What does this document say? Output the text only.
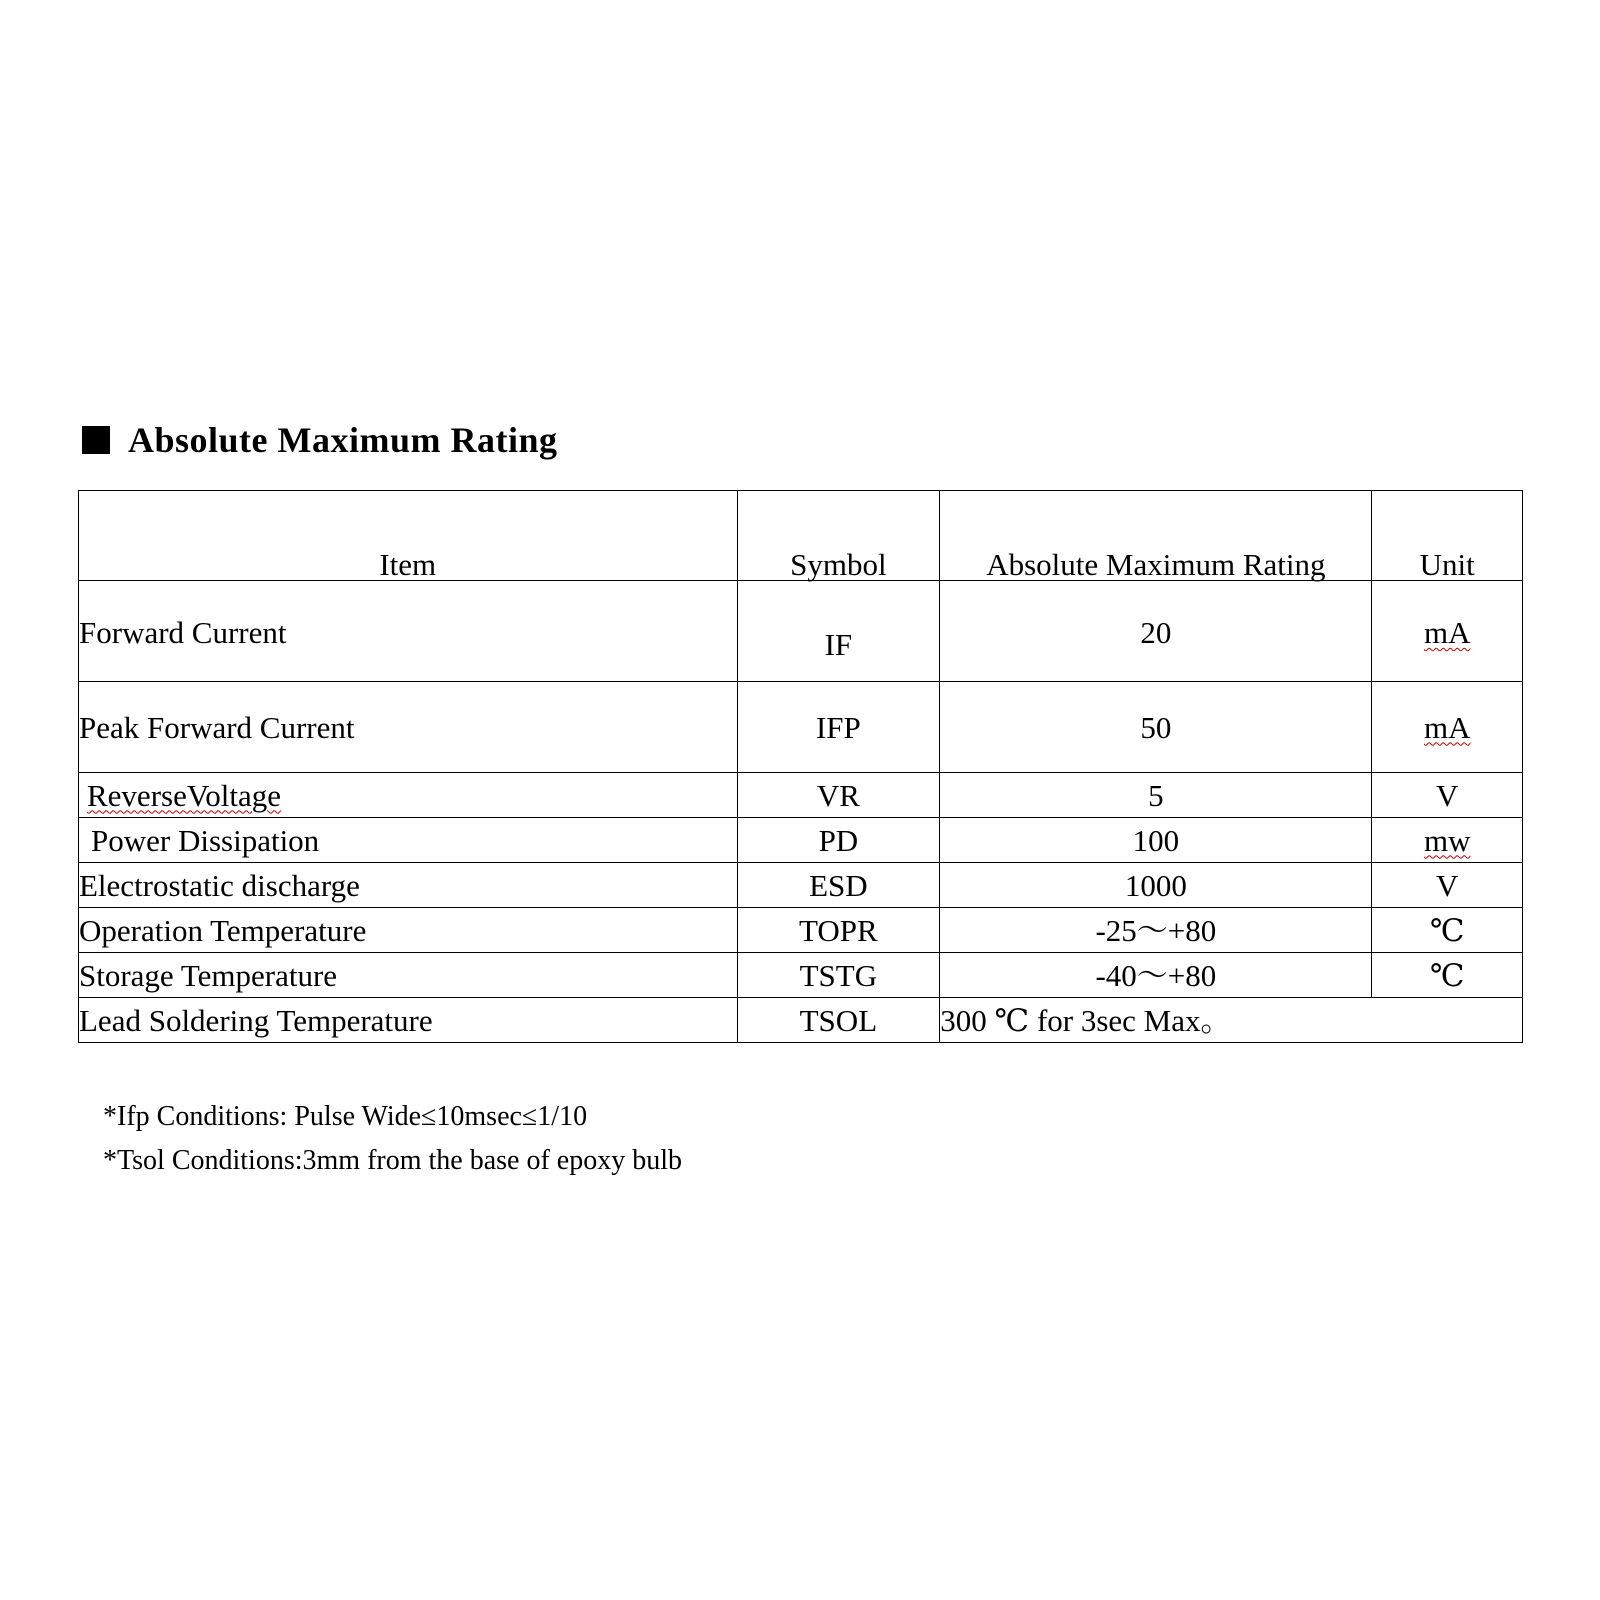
Absolute Maximum Rating
Item	Symbol	Absolute Maximum Rating	Unit

Forward Current	IF	20	mA

Peak Forward Current	IFP	50	mA
ReverseVoltage	VR	5	V
Power Dissipation	PD	100	mw
Electrostatic discharge	ESD	1000	V
Operation Temperature	TOPR	-25～+80	℃
Storage Temperature	TSTG	-40～+80	℃
Lead Soldering Temperature	TSOL	300 ℃ for 3sec Max。	
*Ifp Conditions: Pulse Wide≤10msec≤1/10
*Tsol Conditions:3mm from the base of epoxy bulb
